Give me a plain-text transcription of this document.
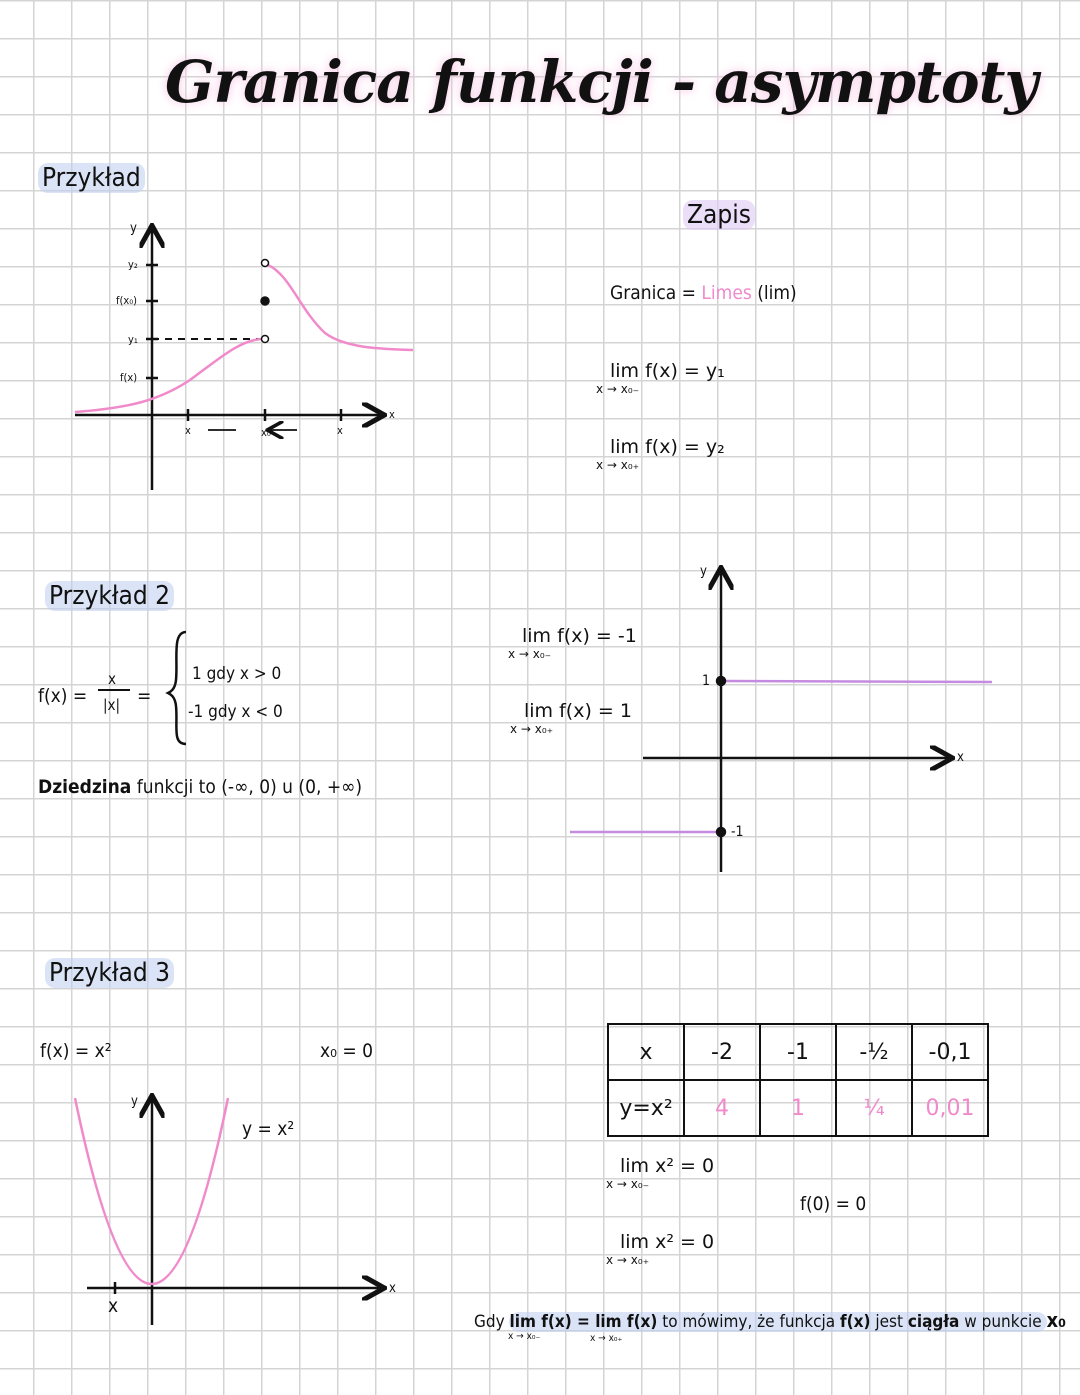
Granica funkcji - asymptoty
Przykład
y
y₂
f(x₀)
y₁
f(x)
x	x₀	x
x
Zapis
Granica = Limes (lim)
lim f(x) = y₁
x → x₀₋
lim f(x) = y₂
x → x₀₊
Przykład 2
f(x) =
x
|x| =
1 gdy x > 0
-1 gdy x < 0
Dziedzina funkcji to (-∞, 0) u (0, +∞)
lim f(x) = -1
x → x₀₋
lim f(x) = 1
x → x₀₊
y
1
-1
x
Przykład 3
f(x) = x²	x₀ = 0
y
y = x²
x
x
x	-2	-1	-½	-0,1
y=x²	4	1	¼	0,01
lim x² = 0
x → x₀₋
lim x² = 0
x → x₀₊
f(0) = 0
Gdy lim f(x) = lim f(x) to mówimy, że funkcja f(x) jest ciągła w punkcie x₀
x → x₀₋	x → x₀₊
